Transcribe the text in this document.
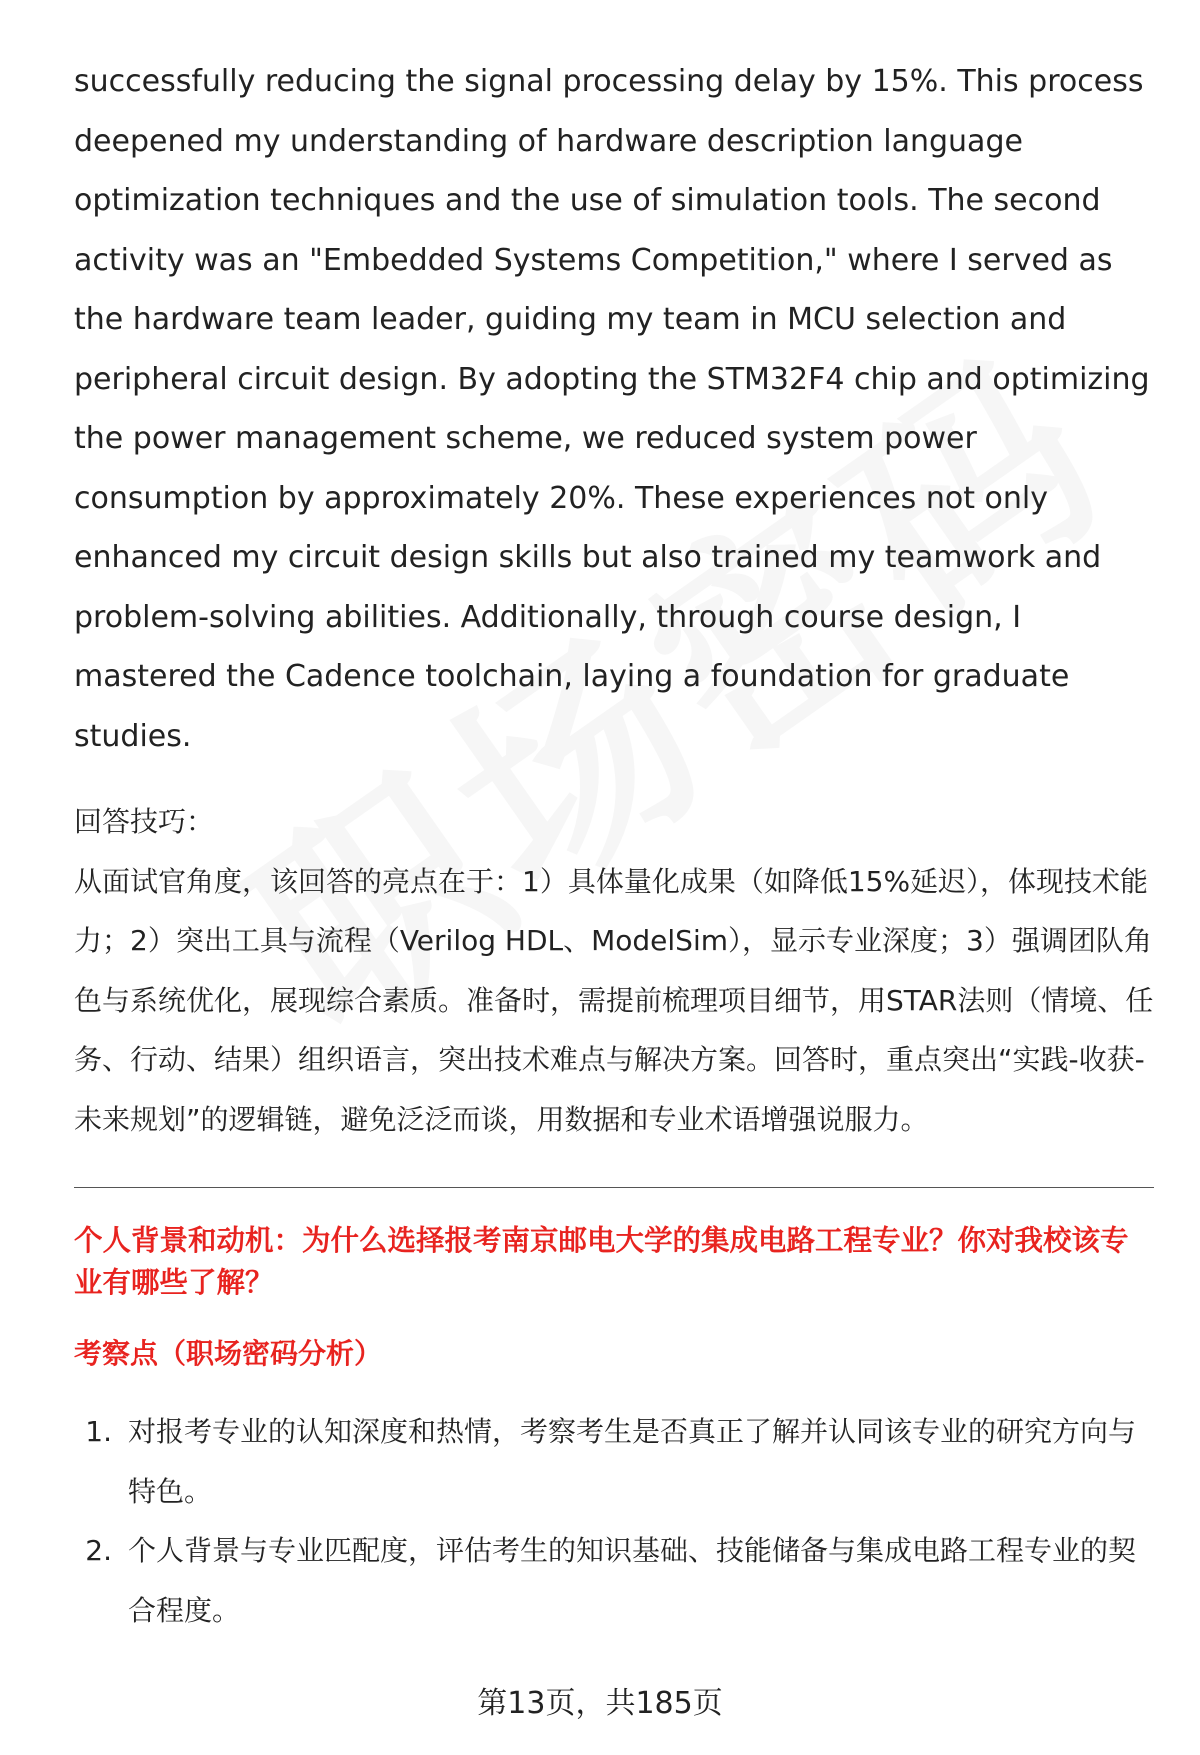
successfully reducing the signal processing delay by 15%. This process deepened my understanding of hardware description language optimization techniques and the use of simulation tools. The second activity was an "Embedded Systems Competition," where I served as the hardware team leader, guiding my team in MCU selection and peripheral circuit design. By adopting the STM32F4 chip and optimizing the power management scheme, we reduced system power consumption by approximately 20%. These experiences not only enhanced my circuit design skills but also trained my teamwork and problem-solving abilities. Additionally, through course design, I mastered the Cadence toolchain, laying a foundation for graduate studies.

回答技巧：

从面试官角度，该回答的亮点在于：1）具体量化成果（如降低15%延迟），体现技术能力；2）突出工具与流程（Verilog HDL、ModelSim），显示专业深度；3）强调团队角色与系统优化，展现综合素质。准备时，需提前梳理项目细节，用STAR法则（情境、任务、行动、结果）组织语言，突出技术难点与解决方案。回答时，重点突出“实践-收获-未来规划”的逻辑链，避免泛泛而谈，用数据和专业术语增强说服力。

个人背景和动机：为什么选择报考南京邮电大学的集成电路工程专业？你对我校该专业有哪些了解？
考察点（职场密码分析）
1. 对报考专业的认知深度和热情，考察考生是否真正了解并认同该专业的研究方向与特色。
2. 个人背景与专业匹配度，评估考生的知识基础、技能储备与集成电路工程专业的契合程度。
第13页，共185页
